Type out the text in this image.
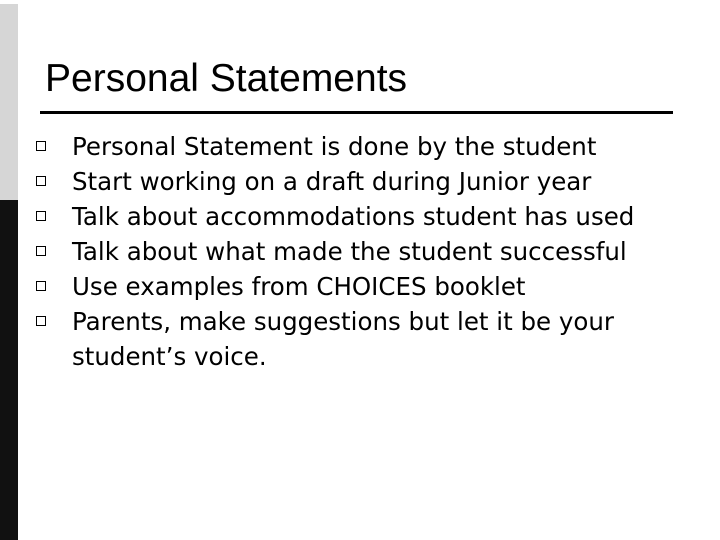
Personal Statements
Personal Statement is done by the student
Start working on a draft during Junior year
Talk about accommodations student has used
Talk about what made the student successful
Use examples from CHOICES booklet
Parents, make suggestions but let it be your student’s voice.
